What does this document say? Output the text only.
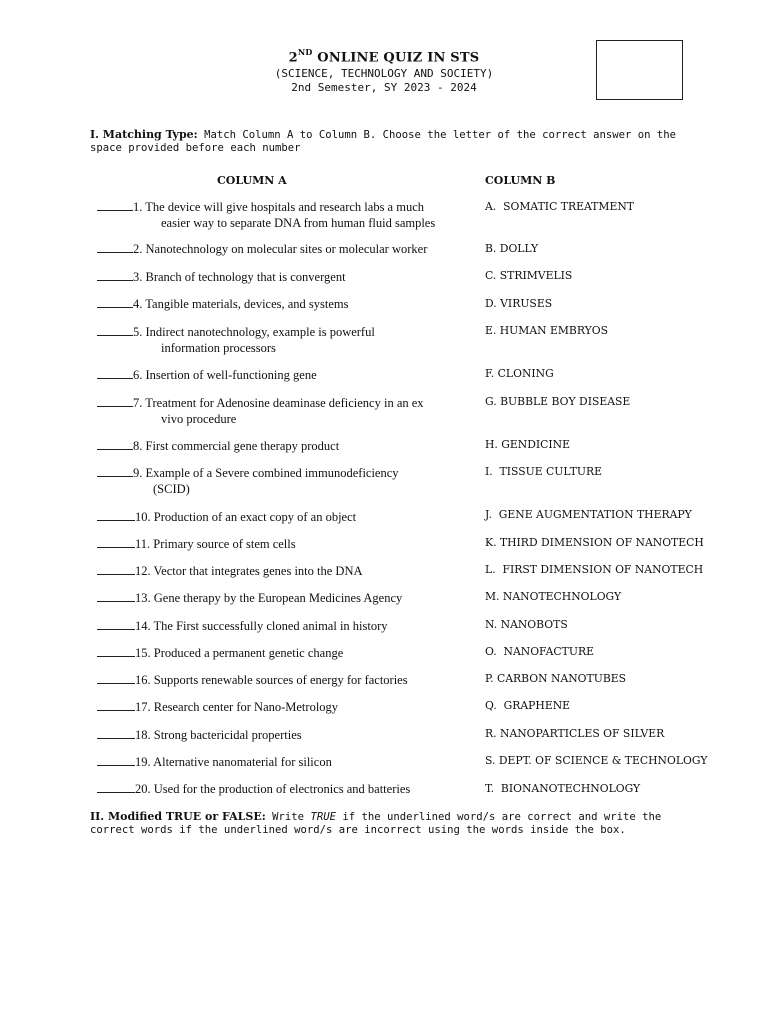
2ND ONLINE QUIZ IN STS
(SCIENCE, TECHNOLOGY AND SOCIETY)
2nd Semester, SY 2023 - 2024
I. Matching Type: Match Column A to Column B. Choose the letter of the correct answer on the space provided before each number
COLUMN A	COLUMN B
1. The device will give hospitals and research labs a much
easier way to separate DNA from human fluid samples
2. Nanotechnology on molecular sites or molecular worker
3. Branch of technology that is convergent
4. Tangible materials, devices, and systems
5. Indirect nanotechnology, example is powerful
information processors
6. Insertion of well-functioning gene
7. Treatment for Adenosine deaminase deficiency in an ex
vivo procedure
8. First commercial gene therapy product
9. Example of a Severe combined immunodeficiency
(SCID)
10. Production of an exact copy of an object
11. Primary source of stem cells
12. Vector that integrates genes into the DNA
13. Gene therapy by the European Medicines Agency
14. The First successfully cloned animal in history
15. Produced a permanent genetic change
16. Supports renewable sources of energy for factories
17. Research center for Nano-Metrology
18. Strong bactericidal properties
19. Alternative nanomaterial for silicon
20. Used for the production of electronics and batteries
A.  SOMATIC TREATMENT
B. DOLLY
C. STRIMVELIS
D. VIRUSES
E. HUMAN EMBRYOS
F. CLONING
G. BUBBLE BOY DISEASE
H. GENDICINE
I.  TISSUE CULTURE
J.  GENE AUGMENTATION THERAPY
K. THIRD DIMENSION OF NANOTECH
L.  FIRST DIMENSION OF NANOTECH
M. NANOTECHNOLOGY
N. NANOBOTS
O.  NANOFACTURE
P. CARBON NANOTUBES
Q.  GRAPHENE
R. NANOPARTICLES OF SILVER
S. DEPT. OF SCIENCE & TECHNOLOGY
T.  BIONANOTECHNOLOGY
II. Modified TRUE or FALSE: Write TRUE if the underlined word/s are correct and write the correct words if the underlined word/s are incorrect using the words inside the box.
